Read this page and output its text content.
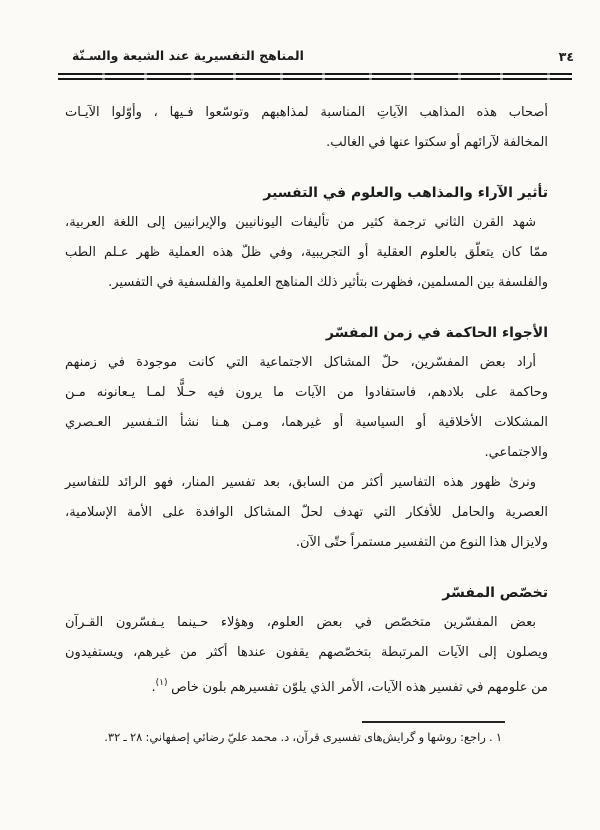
المناهج التفسيرية عند الشيعة والسـنّة	٣٤
أصحاب هذه المذاهب الآياتِ المناسبة لمذاهبهم وتوسّعوا فـيها ، وأوّلوا الآيـات
المخالفة لآرائهم أو سكتوا عنها في الغالب.
تأثير الآراء والمذاهب والعلوم في التفسير
شهد القرن الثاني ترجمة كثير من تأليفات اليونانيين والإيرانيين إلى اللغة العربية،
ممّا كان يتعلّق بالعلوم العقلية أو التجريبية، وفي ظلّ هذه العملية ظهر عـلم الطب
والفلسفة بين المسلمين، فظهرت بتأثير ذلك المناهج العلمية والفلسفية في التفسير.
الأجواء الحاكمة في زمن المفسّر
أراد بعض المفسّرين، حلّ المشاكل الاجتماعية التي كانت موجودة في زمنهم
وحاكمة على بلادهم، فاستفادوا من الآيات ما يرون فيه حـلًّا لمـا يـعانونه مـن
المشكلات الأخلاقية أو السياسية أو غيرهما، ومـن هـنا نشأ التـفسير العـصري
والاجتماعي.
ونرىٰ ظهور هذه التفاسير أكثر من السابق، بعد تفسير المنار، فهو الرائد للتفاسير
العصرية والحامل للأفكار التي تهدف لحلّ المشاكل الوافدة على الأمة الإسلامية،
ولايزال هذا النوع من التفسير مستمراً حتّى الآن.
تخصّص المفسّر
بعض المفسّرين متخصّص في بعض العلوم، وهؤلاء حـينما يـفسّرون القـرآن
ويصلون إلى الآيات المرتبطة بتخصّصهم يقفون عندها أكثر من غيرهم، ويستفيدون
من علومهم في تفسير هذه الآيات، الأمر الذي يلوّن تفسيرهم بلون خاص $^{(١)}$.
١ . راجع: روشها و گرايش‌هاى تفسيرى قرآن، د. محمد عليّ رضائي إصفهاني: ٢٨ ـ ٣٢.
